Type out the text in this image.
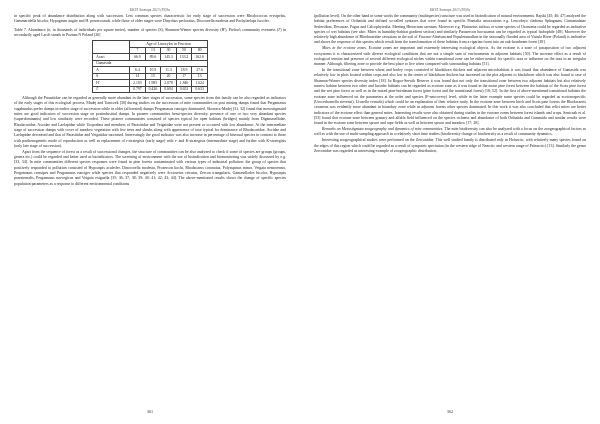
БЮЛ Зоопарк 2013 (59)3а

in specific peak of abundance distribution along with succession. Less common species characteristic for early stage of succession were Rhodococcus erysipelas, Gammaridella bicolor, Hypogeum augite and H. posterocaudi, while those of older stages were Dinychus perforatus, Discourella modesta and Pachylaelaps furcifer.

Table 7. Abundance (n, in thousands of individuals per square meter), number of species (S), Shannon-Wiener species diversity (H'), Pielou's community evenness (J') in secondarily aged Larch stands in Poznan N Poland [26]

	Age of Linoxylos in Fruction				
	7	13	30	50	80
Acari	66.9	89.6	145.3	133.2	162.6
Gamasida					
A	6.4	10.9	11.3	18.9	27.6
S	14	15	20	17	13
H'	2.103	1.985	2.078	1.846	1.624
J'	0.797	0.426	0.694	0.652	0.633

Although the Parasitidae can be regarded as generally more abundant in the later stages of succession, some species from this family can be also regarded as indicators of the early stages of this ecological process. Madej and Tomczek [30] during studies on the succession of mite communities on post mining dumps found that Pergamasus vagabundus prefer dumps in earlier stage of succession while in older (afforested) dumps Pergamasus runciger dominated. Skorracz-Madej [31, 32] found that mesostigmatid mites are good indicators of succession stage on postindustrial dumps. In pioneer communities hemi-species diversity, presence of one or two very abundant species (superdominants) and low similarity were recorded. These pioneer communities consisted of species typical for open habitats (bridges) mainly from Digamasellidae, Rhodacaridae, Ascidae and Laelapidae while Uropodina and members of Parasitidae and Veigaiidae were not present or occurred with low abundance. At the intermediate stage of succession dumps with cover of meadow vegetation with few trees and shrubs along with appearance of taxa typical for dominance of Rhodacaridae, Ascidae and Laelapidae decreased and that of Parasitidae and Veigaiidae increased. Interestingly the good indicator was also increase in percentage of bisexual species in contrast to those with parthenogenetic mode of reproduction as well as replacement of r-strategists (early stage) with r- and K-strategists (intermediate stage) and further with K-strategists (only late stage of succession).

Apart from the sequence of forest as a result of successional changes, the structure of communities can be also analyzed to check if some of species are groups (groups, genera etc.) could be regarded and better used as bioindicators. The screening of environment with the use of bioindication and biomonitoring was widely discussed by e.g. [33, 34]. In mite communities different species responses were found in pine forests contaminated with various types of industrial pollution: the group of species that positively responded to pollution consisted of Hypoaspis aculeifer, Dinocorella modesta, Prozercon kochi, Rhodacarus coronatus, Polyaspinus minor, Veigaia nemorensis, Pergamasus crassipes and Pergamasus runciger while species that responded negatively were Arctoseius cetratus, Zercon triangularis, Gamasellodes bicolor, Hypoaspis praesternalis, Pergamasus norvegicus and Veigaia exiguella [35; 36; 37; 38; 39; 40; 41; 42; 43; 44]. The above-mentioned results shows the change of specific species population parameters as a response to different environmental conditions

361
БЮЛ Зоопарк 2013 (59)3а

(pollution level). On the other hand in some works the community (multispecies) structure was used in bioindication of natural environments. Rajski [45; 46; 47] analyzed the habitat preferences of Oribatida and defined so-called syntaxes that were found in specific Pinetalia associations e.g. Leucobryo cladonia Sphagnum, Cinnamulatae Sesleridion, Descurae, Fagus and Calcophytealia. Meeting Hieracium caesium. Moreover e.g. Plutoseius italicus or some species of Oxonoma could be regarded as indicative species of wet habitats (see also: Mites in humidity-habitat gradient section) and similarly Parazercon horracanus can be regarded as typical hidrophile [48]. Moreover the relatively high abundance of Rhodacaridae cavuaiass in the soil of Fraxino-Alnetum and Populetumalbae in the seasonally flooded area of Vistula River (Poland) is indicative and shows the response of this species which result from the transformation of these habitats from a riparian forest into an oak-hornbeam forest [49].

Mites in the ecotone zones. Ecotone zones are important and extremely interesting ecological objects. As the ecotone is a zone of juxtaposition of two adjacent ecosystems it is characterized with diverse ecological conditions that are not a simple sum of environments in adjacent habitats [50]. The increase effect as a result of ecological tension and presence of several different ecological niches within transitional zone can be either neutral for specific taxa or influence on the taxa in an irregular manner. Although, filtering zone or provide the best place to live when compared with surrounding habitats [51].

In the transitional zone between wheat and barley crops consisted of blackthorn thickets and adjacent microhabitats it was found that abundance of Gamasida was relatively low in plots located within crops and also low in the center of blackthorn thickets but increased on the plot adjacent to blackthorn which was also found to case of Shannon-Wiener species diversity index [18]. In Rogoz-Serwik Reserve it was found that not only the transitional zone between two adjacent habitats but also relatively narrow habitat between two other and broader habitats can be regarded as ecotone zone as it was found in the moist pine forest between the habitats of the Scots pine forest and the wet pine forest as well as in the mixed pine-hornbeam forest (pine forest and the transitional forest) [18; 52]. In the first of above-mentioned transitional habitats the ecotone zone influenced on the parameters at the order and species (F-neocovery) level, while in the latter example some species could be regarded as ecotonospecific (Urocerhomella stevensi), Urosella vernalis) which could be an explanation of their relative rarity. In the ecotone zone between birch and Scots pine forests the Rhodacaeris cavaneus was evidently more abundant in boundary zone while in adjacent forests other species dominated. In this work it was also concluded that relict mites are better indicators of the ecotone effect than general mites. Interesting results were also obtained during studies in the ecotone zones between forest islands and crops. Seniczak et al. [53] found that ecotone zone between granary and alfalfa field influenced on the species richness and abundance of both Oribatida and Gamasida and similar results were found in the ecotone zone between spruce and rape fields as well as between spruce and meadow [17; 20].

Remarks on Mesostigmata zoogeography and dynamics of mite communities. The mite biodiversity can also be analyzed with a focus on the zoogeographical factors as well as with the use of multi-sampling approach in a relatively short time studies (biodiversity change of biodiversity as a result of community dynamics.

Interesting zoogeographical studies were performed on the Zerconidae. This well studied family is distributed only in Holarctic, with relatively many species found on the edges of this region which could be regarded as a result of sympatric speciation (in the western ridge of Nearctic and western range of Palearctic) [13]. Similarly the genus Zerconidae was regarded as interesting example of zoogeographic distribution,

362
